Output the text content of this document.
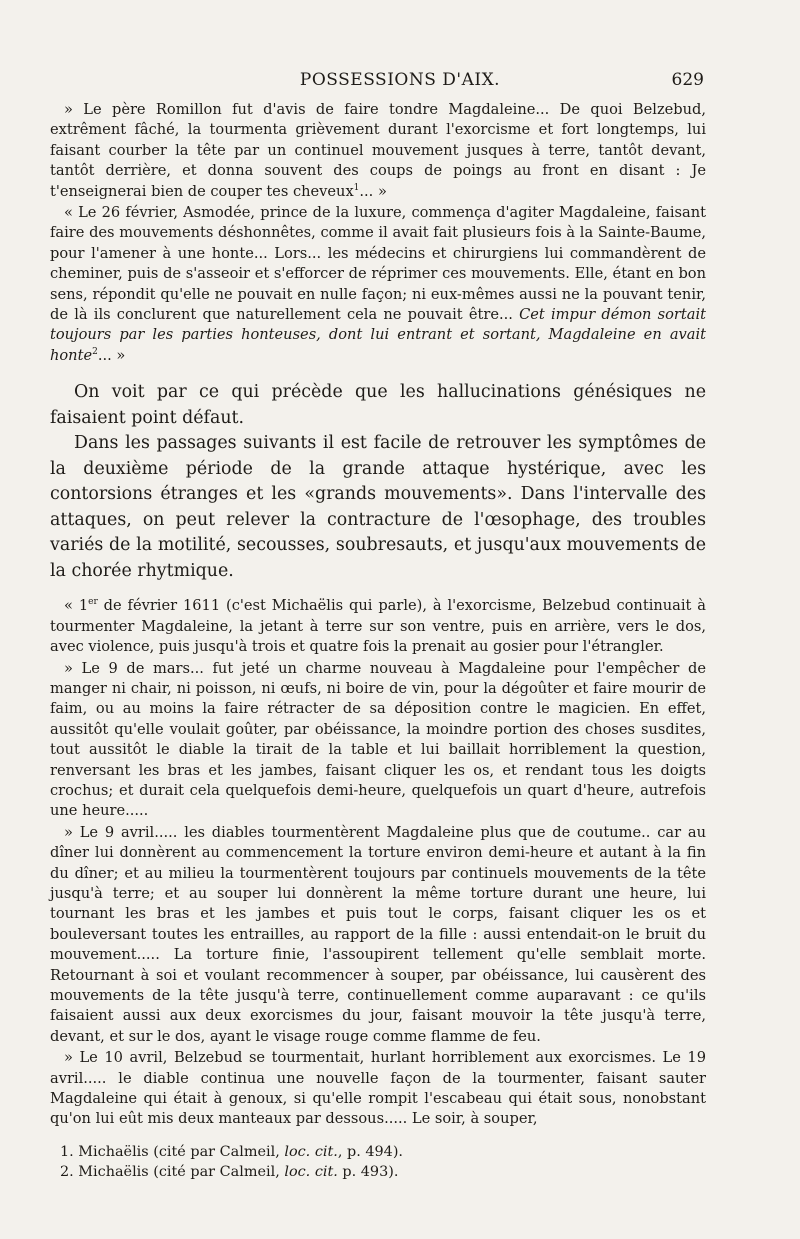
POSSESSIONS D'AIX.	629

» Le père Romillon fut d'avis de faire tondre Magdaleine... De quoi Belzebud, extrêment fâché, la tourmenta grièvement durant l'exorcisme et fort longtemps, lui faisant courber la tête par un continuel mouvement jusques à terre, tantôt devant, tantôt derrière, et donna souvent des coups de poings au front en disant : Je t'enseignerai bien de couper tes cheveux$^1$... »

« Le 26 février, Asmodée, prince de la luxure, commença d'agiter Magdaleine, faisant faire des mouvements déshonnêtes, comme il avait fait plusieurs fois à la Sainte-Baume, pour l'amener à une honte... Lors... les médecins et chirurgiens lui commandèrent de cheminer, puis de s'asseoir et s'efforcer de réprimer ces mouvements. Elle, étant en bon sens, répondit qu'elle ne pouvait en nulle façon; ni eux-mêmes aussi ne la pouvant tenir, de là ils conclurent que naturellement cela ne pouvait être... Cet impur démon sortait toujours par les parties honteuses, dont lui entrant et sortant, Magdaleine en avait honte$^2$... »

On voit par ce qui précède que les hallucinations génésiques ne faisaient point défaut.

Dans les passages suivants il est facile de retrouver les symptômes de la deuxième période de la grande attaque hystérique, avec les contorsions étranges et les «grands mouvements». Dans l'intervalle des attaques, on peut relever la contracture de l'œsophage, des troubles variés de la motilité, secousses, soubresauts, et jusqu'aux mouvements de la chorée rhytmique.

« 1er de février 1611 (c'est Michaëlis qui parle), à l'exorcisme, Belzebud continuait à tourmenter Magdaleine, la jetant à terre sur son ventre, puis en arrière, vers le dos, avec violence, puis jusqu'à trois et quatre fois la prenait au gosier pour l'étrangler.

» Le 9 de mars... fut jeté un charme nouveau à Magdaleine pour l'empêcher de manger ni chair, ni poisson, ni œufs, ni boire de vin, pour la dégoûter et faire mourir de faim, ou au moins la faire rétracter de sa déposition contre le magicien. En effet, aussitôt qu'elle voulait goûter, par obéissance, la moindre portion des choses susdites, tout aussitôt le diable la tirait de la table et lui baillait horriblement la question, renversant les bras et les jambes, faisant cliquer les os, et rendant tous les doigts crochus; et durait cela quelquefois demi-heure, quelquefois un quart d'heure, autrefois une heure.....

» Le 9 avril..... les diables tourmentèrent Magdaleine plus que de coutume.. car au dîner lui donnèrent au commencement la torture environ demi-heure et autant à la fin du dîner; et au milieu la tourmentèrent toujours par continuels mouvements de la tête jusqu'à terre; et au souper lui donnèrent la même torture durant une heure, lui tournant les bras et les jambes et puis tout le corps, faisant cliquer les os et bouleversant toutes les entrailles, au rapport de la fille : aussi entendait-on le bruit du mouvement..... La torture finie, l'assoupirent tellement qu'elle semblait morte. Retournant à soi et voulant recommencer à souper, par obéissance, lui causèrent des mouvements de la tête jusqu'à terre, continuellement comme auparavant : ce qu'ils faisaient aussi aux deux exorcismes du jour, faisant mouvoir la tête jusqu'à terre, devant, et sur le dos, ayant le visage rouge comme flamme de feu.

» Le 10 avril, Belzebud se tourmentait, hurlant horriblement aux exorcismes. Le 19 avril..... le diable continua une nouvelle façon de la tourmenter, faisant sauter Magdaleine qui était à genoux, si qu'elle rompit l'escabeau qui était sous, nonobstant qu'on lui eût mis deux manteaux par dessous..... Le soir, à souper,

1. Michaëlis (cité par Calmeil, loc. cit., p. 494).

2. Michaëlis (cité par Calmeil, loc. cit. p. 493).
